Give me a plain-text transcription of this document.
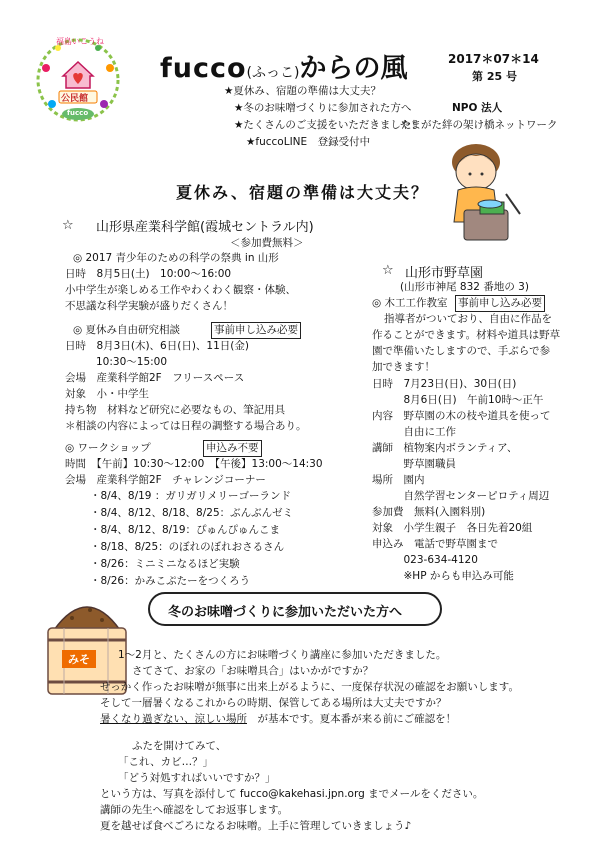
福島いこうね
公民館
fucco
fucco(ふっこ)からの風	2017＊07＊14
第 25 号
★夏休み、宿題の準備は大丈夫？
★冬のお味噌づくりに参加された方へ
★たくさんのご支援をいただきました！
★fuccoLINE　登録受付中
NPO 法人
やまがた絆の架け橋ネットワーク
夏休み、宿題の準備は大丈夫？
☆ 山形県産業科学館(霞城セントラル内)
＜参加費無料＞
◎ 2017 青少年のための科学の祭典 in 山形
日時　8月5日(土)　10:00～16:00
小中学生が楽しめる工作やわくわく観察・体験、
不思議な科学実験が盛りだくさん！
◎ 夏休み自由研究相談	事前申し込み必要
日時　8月3日(木)、6日(日)、11日(金)
10:30～15:00
会場　産業科学館2F　フリースペース
対象　小・中学生
持ち物　材料など研究に必要なもの、筆記用具
＊相談の内容によっては日程の調整する場合あり。
◎ ワークショップ	申込み不要
時間　【午前】10:30～12:00　【午後】13:00～14:30
会場　産業科学館2F　チャレンジコーナー
・8/4、8/19 ：ガリガリメリーゴーランド
・8/4、8/12、8/18、8/25：ぶんぶんゼミ
・8/4、8/12、8/19：ぴゅんぴゅんこま
・8/18、8/25：のぼれのぼれおさるさん
・8/26：ミニミニなるほど実験
・8/26：かみこぷたーをつくろう
☆ 山形市野草園
(山形市神尾 832 番地の 3)
◎ 木工工作教室 事前申し込み必要
指導者がついており、自由に作品を
作ることができます。材料や道具は野草
園で準備いたしますので、手ぶらで参
加できます！
日時　7月23日(日)、30日(日)
　　　8月6日(日)　午前10時～正午
内容　野草園の木の枝や道具を使って
　　　自由に工作
講師　植物案内ボランティア、
　　　野草園職員
場所　園内
　　　自然学習センターピロティ周辺
参加費　無料(入園料別)
対象　小学生親子　各日先着20組
申込み　電話で野草園まで
　　　023-634-4120
　　　※HP からも申込み可能
みそ
冬のお味噌づくりに参加いただいた方へ
1～2月と、たくさんの方にお味噌づくり講座に参加いただきました。
さてさて、お家の「お味噌具合」はいかがですか？
せっかく作ったお味噌が無事に出来上がるように、一度保存状況の確認をお願いします。
そして一層暑くなるこれからの時期、保管してある場所は大丈夫ですか？
暑くなり過ぎない、涼しい場所　 が基本です。夏本番が来る前にご確認を！
ふたを開けてみて、
「これ、カビ…？」
「どう対処すればいいですか？」
という方は、写真を添付して fucco@kakehasi.jpn.org までメールをください。
講師の先生へ確認をしてお返事します。
夏を越せば食べごろになるお味噌。上手に管理していきましょう♪
